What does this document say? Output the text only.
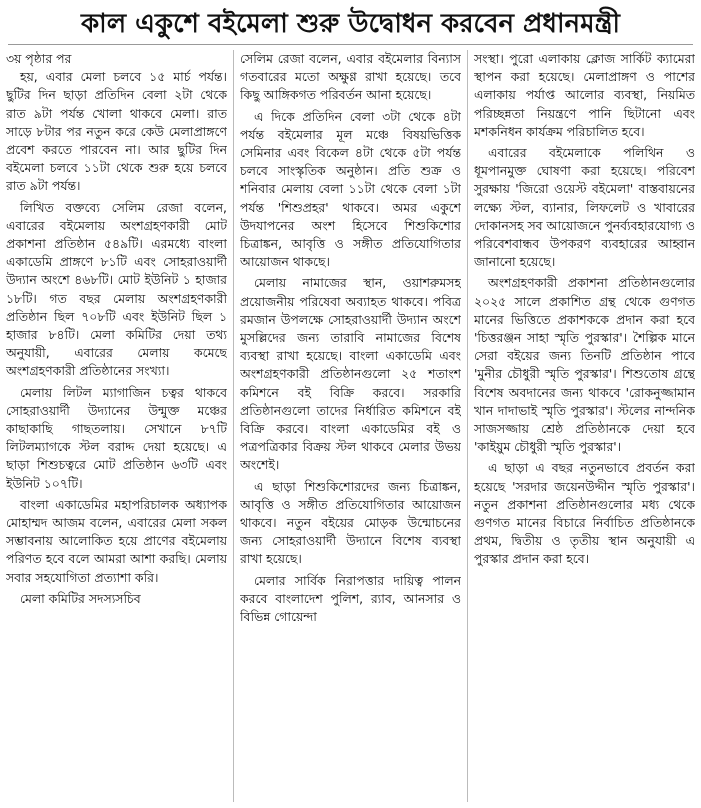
কাল একুশে বইমেলা শুরু উদ্বোধন করবেন প্রধানমন্ত্রী

৩য় পৃষ্ঠার পর

হয়, এবার মেলা চলবে ১৫ মার্চ পর্যন্ত। ছুটির দিন ছাড়া প্রতিদিন বেলা ২টা থেকে রাত ৯টা পর্যন্ত খোলা থাকবে মেলা। রাত সাড়ে ৮টার পর নতুন করে কেউ মেলাপ্রাঙ্গণে প্রবেশ করতে পারবেন না। আর ছুটির দিন বইমেলা চলবে ১১টা থেকে শুরু হয়ে চলবে রাত ৯টা পর্যন্ত।

লিখিত বক্তব্যে সেলিম রেজা বলেন, এবারের বইমেলায় অংশগ্রহণকারী মোট প্রকাশনা প্রতিষ্ঠান ৫৪৯টি। এরমধ্যে বাংলা একাডেমি প্রাঙ্গণে ৮১টি এবং সোহরাওয়ার্দী উদ্যান অংশে ৪৬৮টি। মোট ইউনিট ১ হাজার ১৮টি। গত বছর মেলায় অংশগ্রহণকারী প্রতিষ্ঠান ছিল ৭০৮টি এবং ইউনিট ছিল ১ হাজার ৮৪টি। মেলা কমিটির দেয়া তথ্য অনুযায়ী, এবারের মেলায় কমেছে অংশগ্রহণকারী প্রতিষ্ঠানের সংখ্যা।

মেলায় লিটল ম্যাগাজিন চত্বর থাকবে সোহরাওয়ার্দী উদ্যানের উন্মুক্ত মঞ্চের কাছাকাছি গাছতলায়। সেখানে ৮৭টি লিটলম্যাগকে স্টল বরাদ্দ দেয়া হয়েছে। এ ছাড়া শিশুচত্বরে মোট প্রতিষ্ঠান ৬৩টি এবং ইউনিট ১০৭টি।

বাংলা একাডেমির মহাপরিচালক অধ্যাপক মোহাম্মদ আজম বলেন, এবারের মেলা সকল সম্ভাবনায় আলোকিত হয়ে প্রাণের বইমেলায় পরিণত হবে বলে আমরা আশা করছি। মেলায় সবার সহযোগিতা প্রত্যাশা করি।

মেলা কমিটির সদস্যসচিব

সেলিম রেজা বলেন, এবার বইমেলার বিন্যাস গতবারের মতো অক্ষুণ্ণ রাখা হয়েছে। তবে কিছু আঙ্গিকগত পরিবর্তন আনা হয়েছে।

এ দিকে প্রতিদিন বেলা ৩টা থেকে ৪টা পর্যন্ত বইমেলার মূল মঞ্চে বিষয়ভিত্তিক সেমিনার এবং বিকেল ৪টা থেকে ৫টা পর্যন্ত চলবে সাংস্কৃতিক অনুষ্ঠান। প্রতি শুক্র ও শনিবার মেলায় বেলা ১১টা থেকে বেলা ১টা পর্যন্ত 'শিশুপ্রহর' থাকবে। অমর একুশে উদযাপনের অংশ হিসেবে শিশুকিশোর চিত্রাঙ্কন, আবৃত্তি ও সঙ্গীত প্রতিযোগিতার আয়োজন থাকছে।

মেলায় নামাজের স্থান, ওয়াশরুমসহ প্রয়োজনীয় পরিষেবা অব্যাহত থাকবে। পবিত্র রমজান উপলক্ষে সোহরাওয়ার্দী উদ্যান অংশে মুসল্লিদের জন্য তারাবি নামাজের বিশেষ ব্যবস্থা রাখা হয়েছে। বাংলা একাডেমি এবং অংশগ্রহণকারী প্রতিষ্ঠানগুলো ২৫ শতাংশ কমিশনে বই বিক্রি করবে। সরকারি প্রতিষ্ঠানগুলো তাদের নির্ধারিত কমিশনে বই বিক্রি করবে। বাংলা একাডেমির বই ও পত্রপত্রিকার বিক্রয় স্টল থাকবে মেলার উভয় অংশেই।

এ ছাড়া শিশুকিশোরদের জন্য চিত্রাঙ্কন, আবৃত্তি ও সঙ্গীত প্রতিযোগিতার আয়োজন থাকবে। নতুন বইয়ের মোড়ক উন্মোচনের জন্য সোহরাওয়ার্দী উদ্যানে বিশেষ ব্যবস্থা রাখা হয়েছে।

মেলার সার্বিক নিরাপত্তার দায়িত্ব পালন করবে বাংলাদেশ পুলিশ, র‍্যাব, আনসার ও বিভিন্ন গোয়েন্দা

সংস্থা। পুরো এলাকায় ক্লোজ সার্কিট ক্যামেরা স্থাপন করা হয়েছে। মেলাপ্রাঙ্গণ ও পাশের এলাকায় পর্যাপ্ত আলোর ব্যবস্থা, নিয়মিত পরিচ্ছন্নতা নিয়ন্ত্রণে পানি ছিটানো এবং মশকনিধন কার্যক্রম পরিচালিত হবে।

এবারের বইমেলাকে পলিথিন ও ধূমপানমুক্ত ঘোষণা করা হয়েছে। পরিবেশ সুরক্ষায় 'জিরো ওয়েস্ট বইমেলা' বাস্তবায়নের লক্ষ্যে স্টল, ব্যানার, লিফলেট ও খাবারের দোকানসহ সব আয়োজনে পুনর্ব্যবহারযোগ্য ও পরিবেশবান্ধব উপকরণ ব্যবহারের আহ্বান জানানো হয়েছে।

অংশগ্রহণকারী প্রকাশনা প্রতিষ্ঠানগুলোর ২০২৫ সালে প্রকাশিত গ্রন্থ থেকে গুণগত মানের ভিত্তিতে প্রকাশককে প্রদান করা হবে 'চিত্তরঞ্জন সাহা স্মৃতি পুরস্কার'। শৈল্পিক মানে সেরা বইয়ের জন্য তিনটি প্রতিষ্ঠান পাবে 'মুনীর চৌধুরী স্মৃতি পুরস্কার'। শিশুতোষ গ্রন্থে বিশেষ অবদানের জন্য থাকবে 'রোকনুজ্জামান খান দাদাভাই স্মৃতি পুরস্কার'। স্টলের নান্দনিক সাজসজ্জায় শ্রেষ্ঠ প্রতিষ্ঠানকে দেয়া হবে 'কাইয়ুম চৌধুরী স্মৃতি পুরস্কার'।

এ ছাড়া এ বছর নতুনভাবে প্রবর্তন করা হয়েছে 'সরদার জয়েনউদ্দীন স্মৃতি পুরস্কার'। নতুন প্রকাশনা প্রতিষ্ঠানগুলোর মধ্য থেকে গুণগত মানের বিচারে নির্বাচিত প্রতিষ্ঠানকে প্রথম, দ্বিতীয় ও তৃতীয় স্থান অনুযায়ী এ পুরস্কার প্রদান করা হবে।
